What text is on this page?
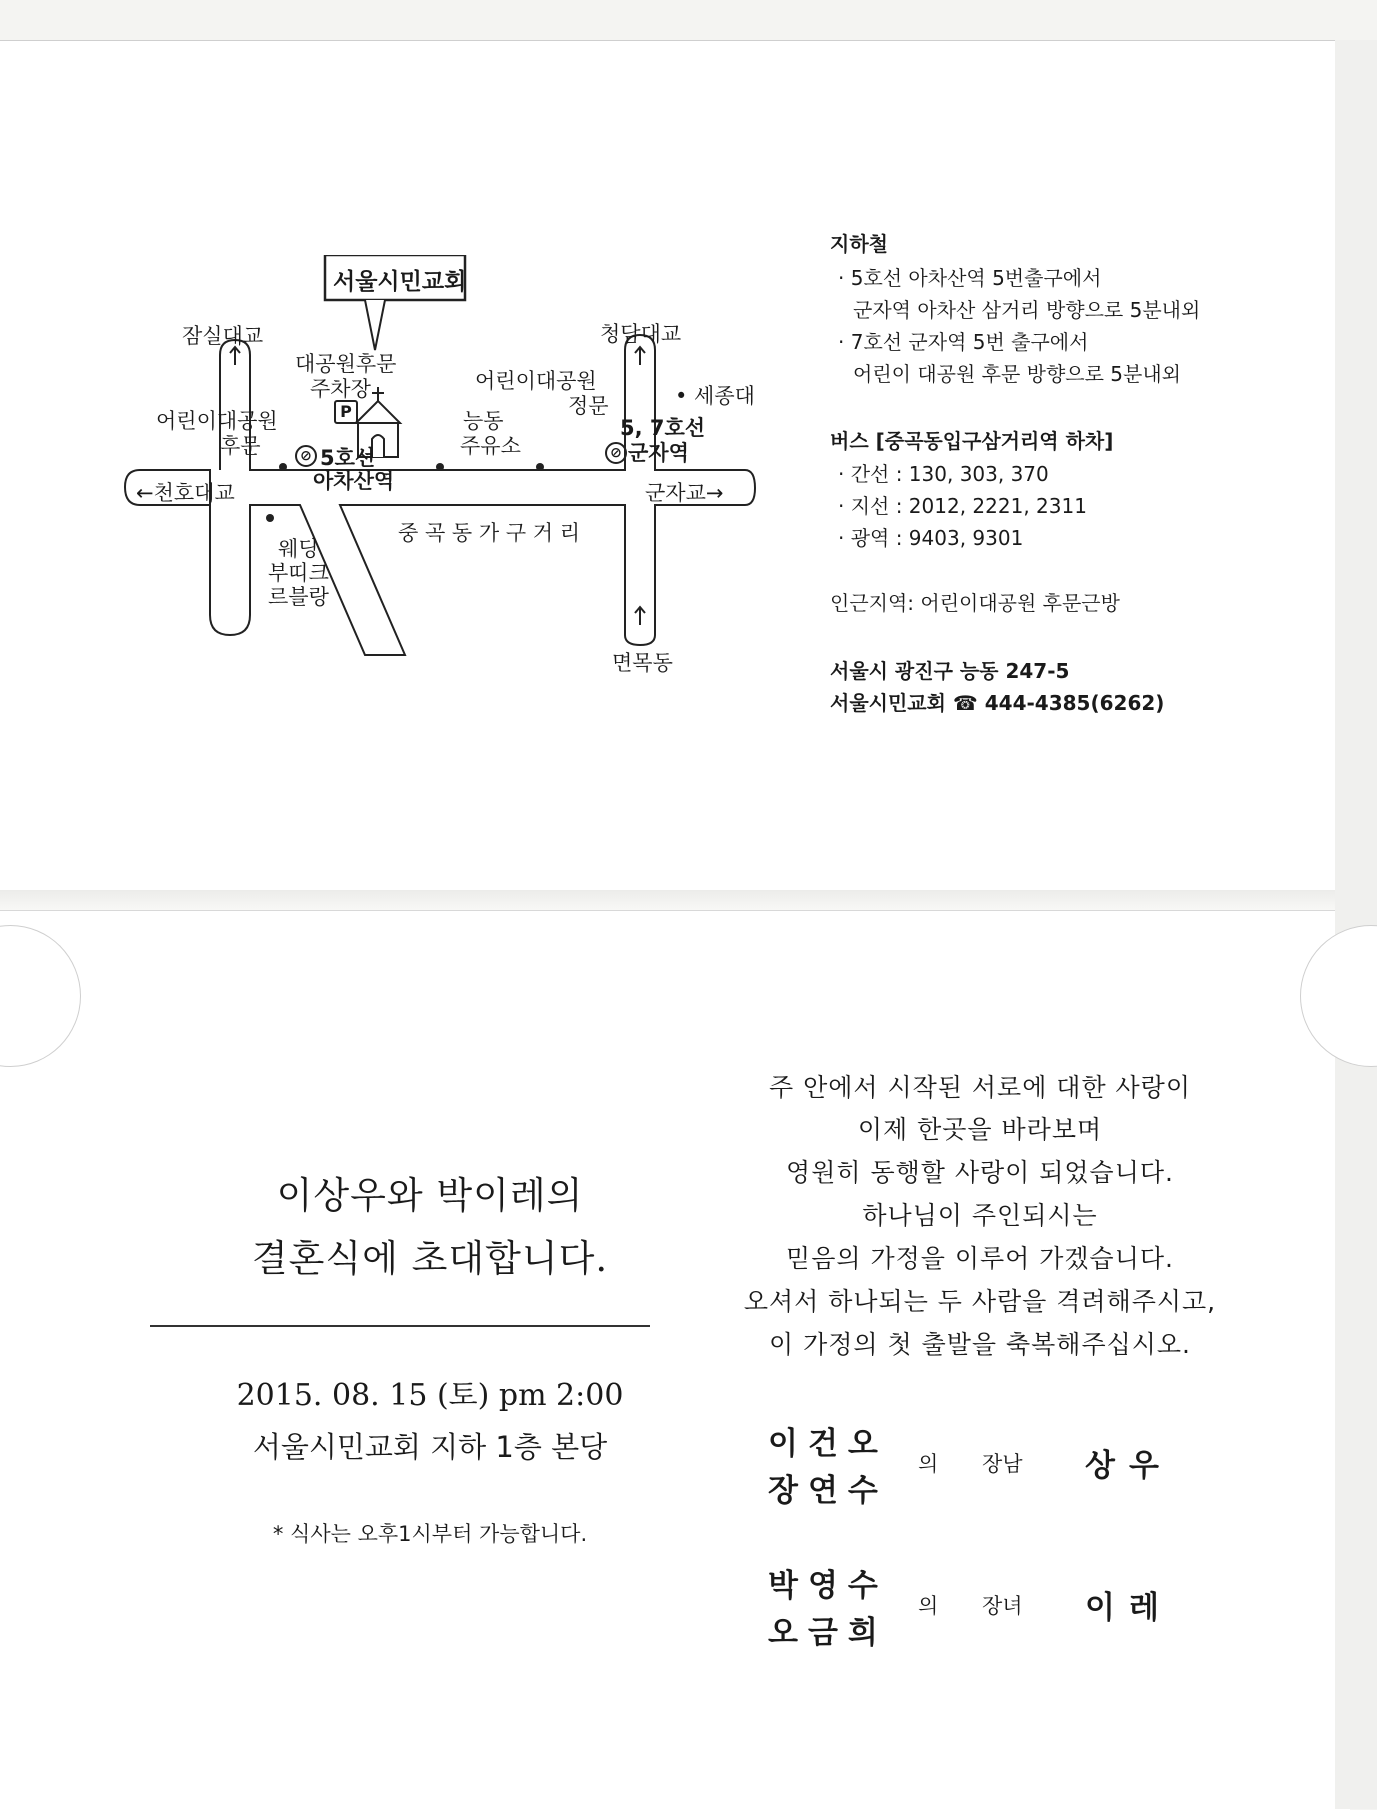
서울시민교회
잠실대교	청담대교
대공원후문
주차장
P
어린이대공원
후문
어린이대공원
정문	• 세종대
능동
주유소
⊘ 5호선
아차산역
5, 7호선
⊘ 군자역
←천호대교	군자교→
중 곡 동 가 구 거 리
웨딩
부띠크
르블랑
면목동
지하철
· 5호선 아차산역 5번출구에서
군자역 아차산 삼거리 방향으로 5분내외
· 7호선 군자역 5번 출구에서
어린이 대공원 후문 방향으로 5분내외
버스 [중곡동입구삼거리역 하차]
· 간선 : 130, 303, 370
· 지선 : 2012, 2221, 2311
· 광역 : 9403, 9301
인근지역: 어린이대공원 후문근방
서울시 광진구 능동 247-5
서울시민교회 ☎ 444-4385(6262)
이상우와 박이레의
결혼식에 초대합니다.
2015. 08. 15 (토) pm 2:00
서울시민교회 지하 1층 본당
* 식사는 오후1시부터 가능합니다.
주 안에서 시작된 서로에 대한 사랑이
이제 한곳을 바라보며
영원히 동행할 사랑이 되었습니다.
하나님이 주인되시는
믿음의 가정을 이루어 가겠습니다.
오셔서 하나되는 두 사람을 격려해주시고,
이 가정의 첫 출발을 축복해주십시오.
이건오
장연수
의 장남 상우
박영수
오금희
의 장녀 이레
